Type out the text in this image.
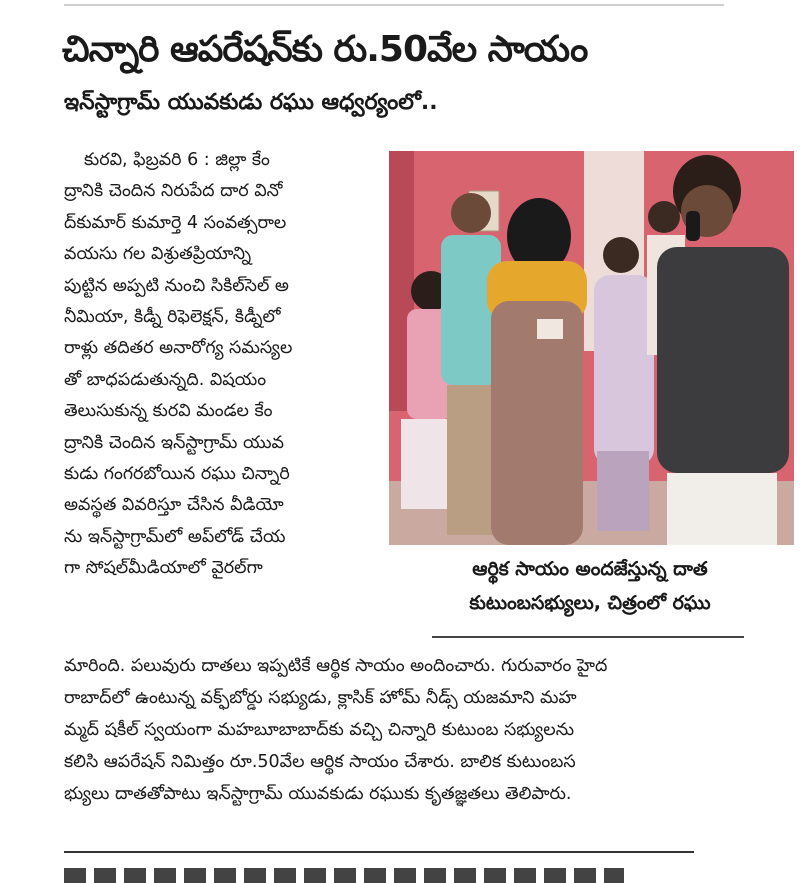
చిన్నారి ఆపరేషన్‌కు రు.50వేల సాయం
ఇన్‌స్టాగ్రామ్ యువకుడు రఘు ఆధ్వర్యంలో..
కురవి, ఫిబ్రవరి 6 : జిల్లా కేం
ద్రానికి చెందిన నిరుపేద దార వినో
ద్‌కుమార్ కుమార్తె 4 సంవత్సరాల
వయసు గల విశ్రుతప్రియాన్ని
పుట్టిన అప్పటి నుంచి సికిల్‌సెల్ అ
నీమియా, కిడ్నీ రిఫెలెక్షన్, కిడ్నీలో
రాళ్లు తదితర అనారోగ్య సమస్యల
తో బాధపడుతున్నది. విషయం
తెలుసుకున్న కురవి మండల కేం
ద్రానికి చెందిన ఇన్‌స్టాగ్రామ్ యువ
కుడు గంగరబోయిన రఘు చిన్నారి
అవస్థత వివరిస్తూ చేసిన వీడియో
ను ఇన్‌స్టాగ్రామ్‌లో అప్‌లోడ్ చేయ
గా సోషల్‌మీడియాలో వైరల్‌గా	ఆర్థిక సాయం అందజేస్తున్న దాత
కుటుంబసభ్యులు, చిత్రంలో రఘు
మారింది. పలువురు దాతలు ఇప్పటికే ఆర్థిక సాయం అందించారు. గురువారం హైద
రాబాద్‌లో ఉంటున్న వక్ఫ్‌బోర్డు సభ్యుడు, క్లాసిక్ హోమ్ నీడ్స్ యజమాని మహ
మ్మద్ షకీల్ స్వయంగా మహబూబాబాద్‌కు వచ్చి చిన్నారి కుటుంబ సభ్యులను
కలిసి ఆపరేషన్ నిమిత్తం రూ.50వేల ఆర్థిక సాయం చేశారు. బాలిక కుటుంబస
భ్యులు దాతతోపాటు ఇన్‌స్టాగ్రామ్ యువకుడు రఘుకు కృతజ్ఞతలు తెలిపారు.
